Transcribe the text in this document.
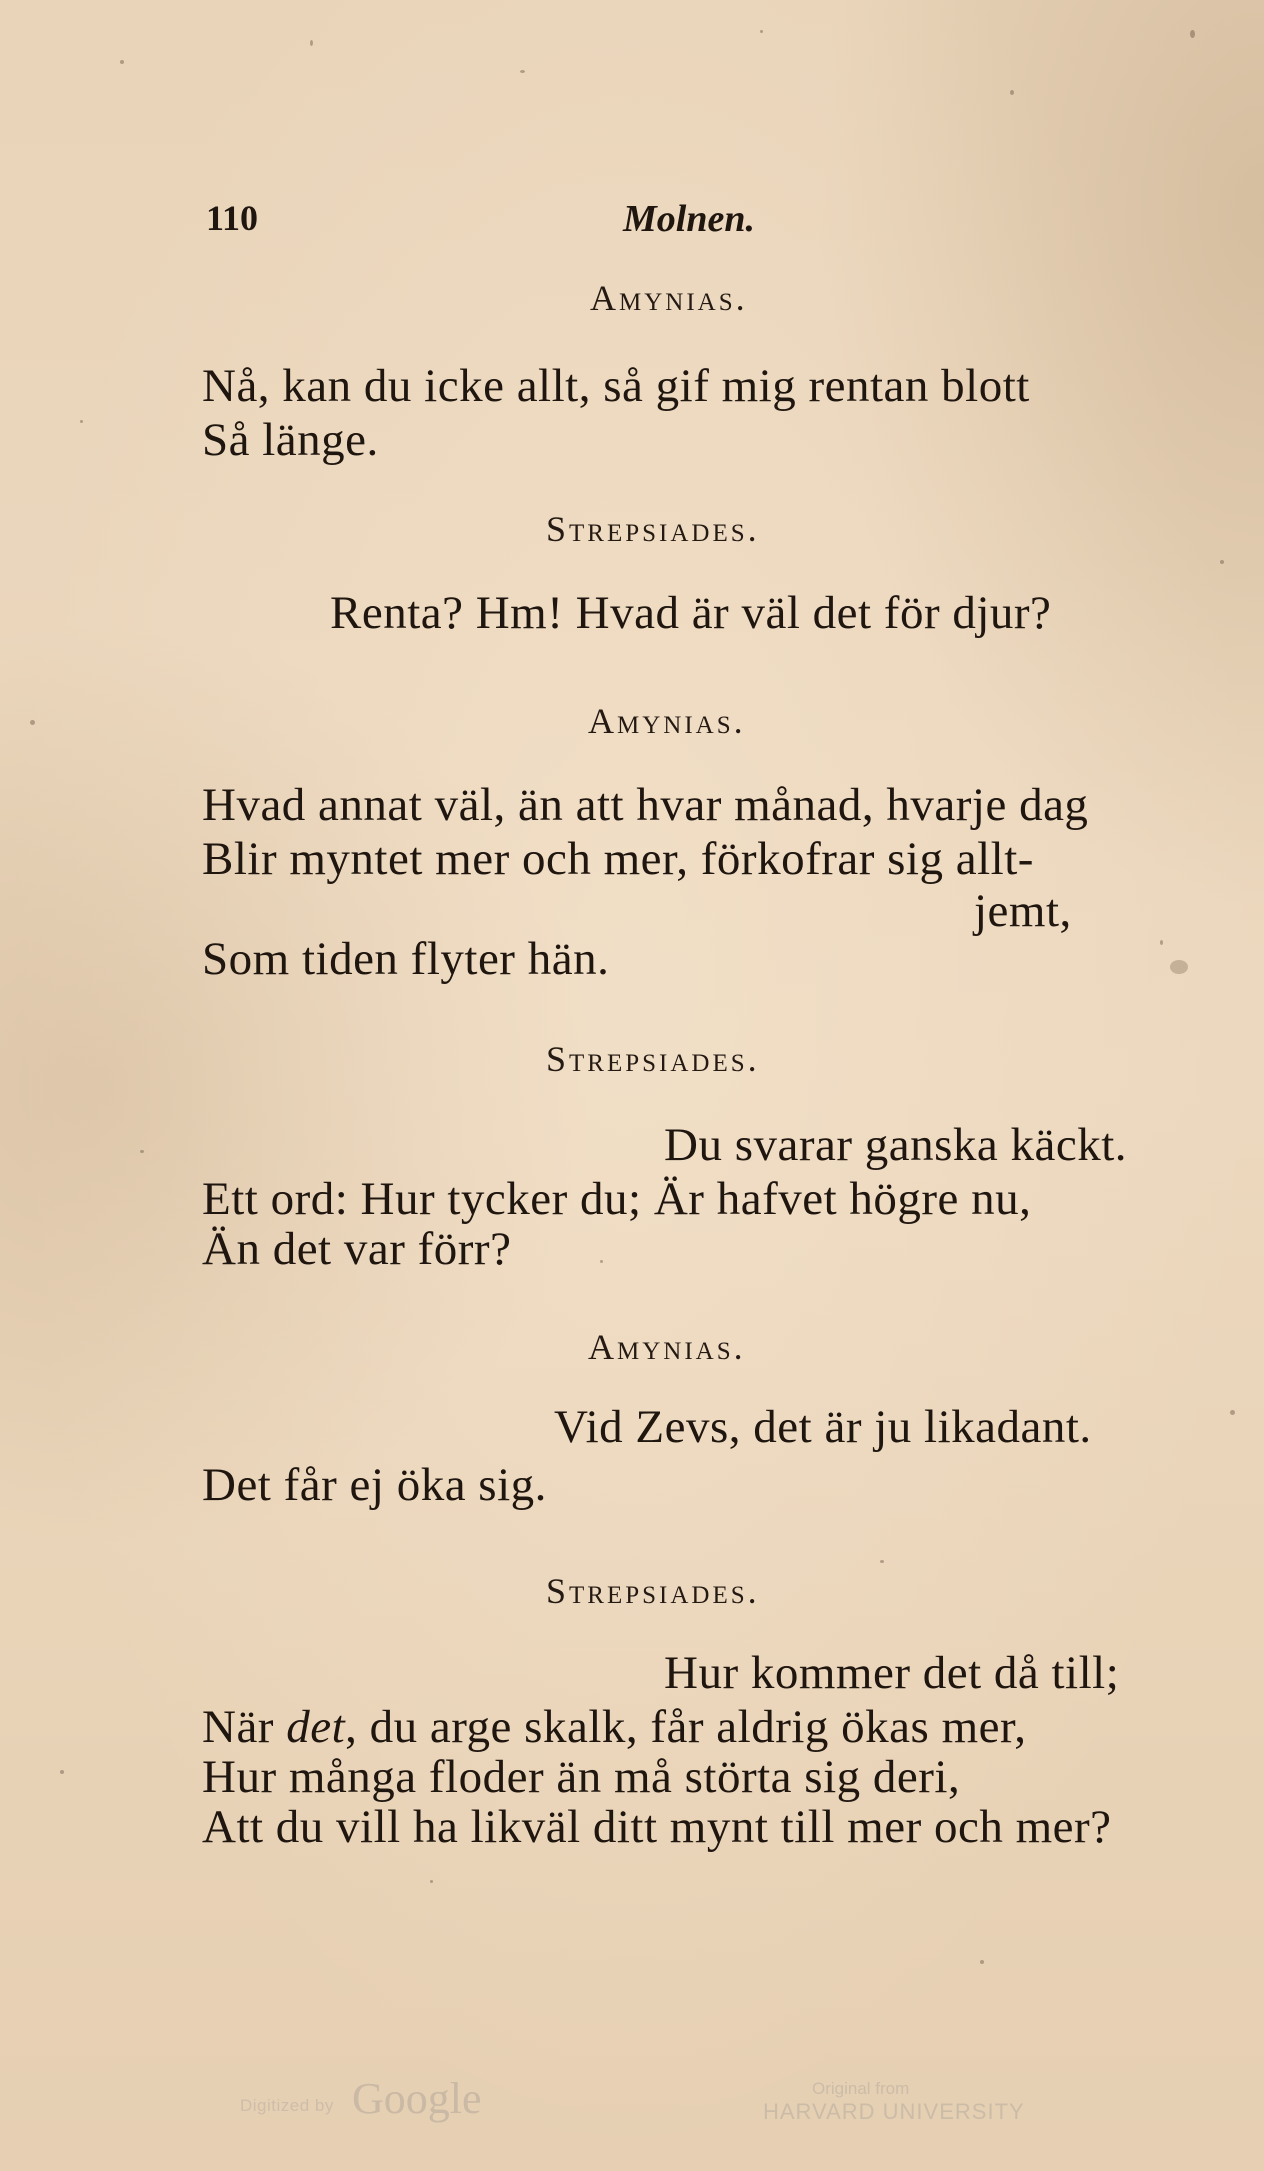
110	Molnen.
Amynias.
Nå, kan du icke allt, så gif mig rentan blott
Så länge.
Strepsiades.
Renta? Hm! Hvad är väl det för djur?
Amynias.
Hvad annat väl, än att hvar månad, hvarje dag
Blir myntet mer och mer, förkofrar sig allt-
jemt,
Som tiden flyter hän.
Strepsiades.
Du svarar ganska käckt.
Ett ord: Hur tycker du; Är hafvet högre nu,
Än det var förr?
Amynias.
Vid Zevs, det är ju likadant.
Det får ej öka sig.
Strepsiades.
Hur kommer det då till;
När det, du arge skalk, får aldrig ökas mer,
Hur många floder än må störta sig deri,
Att du vill ha likväl ditt mynt till mer och mer?
Digitized by Google	Original from
HARVARD UNIVERSITY
